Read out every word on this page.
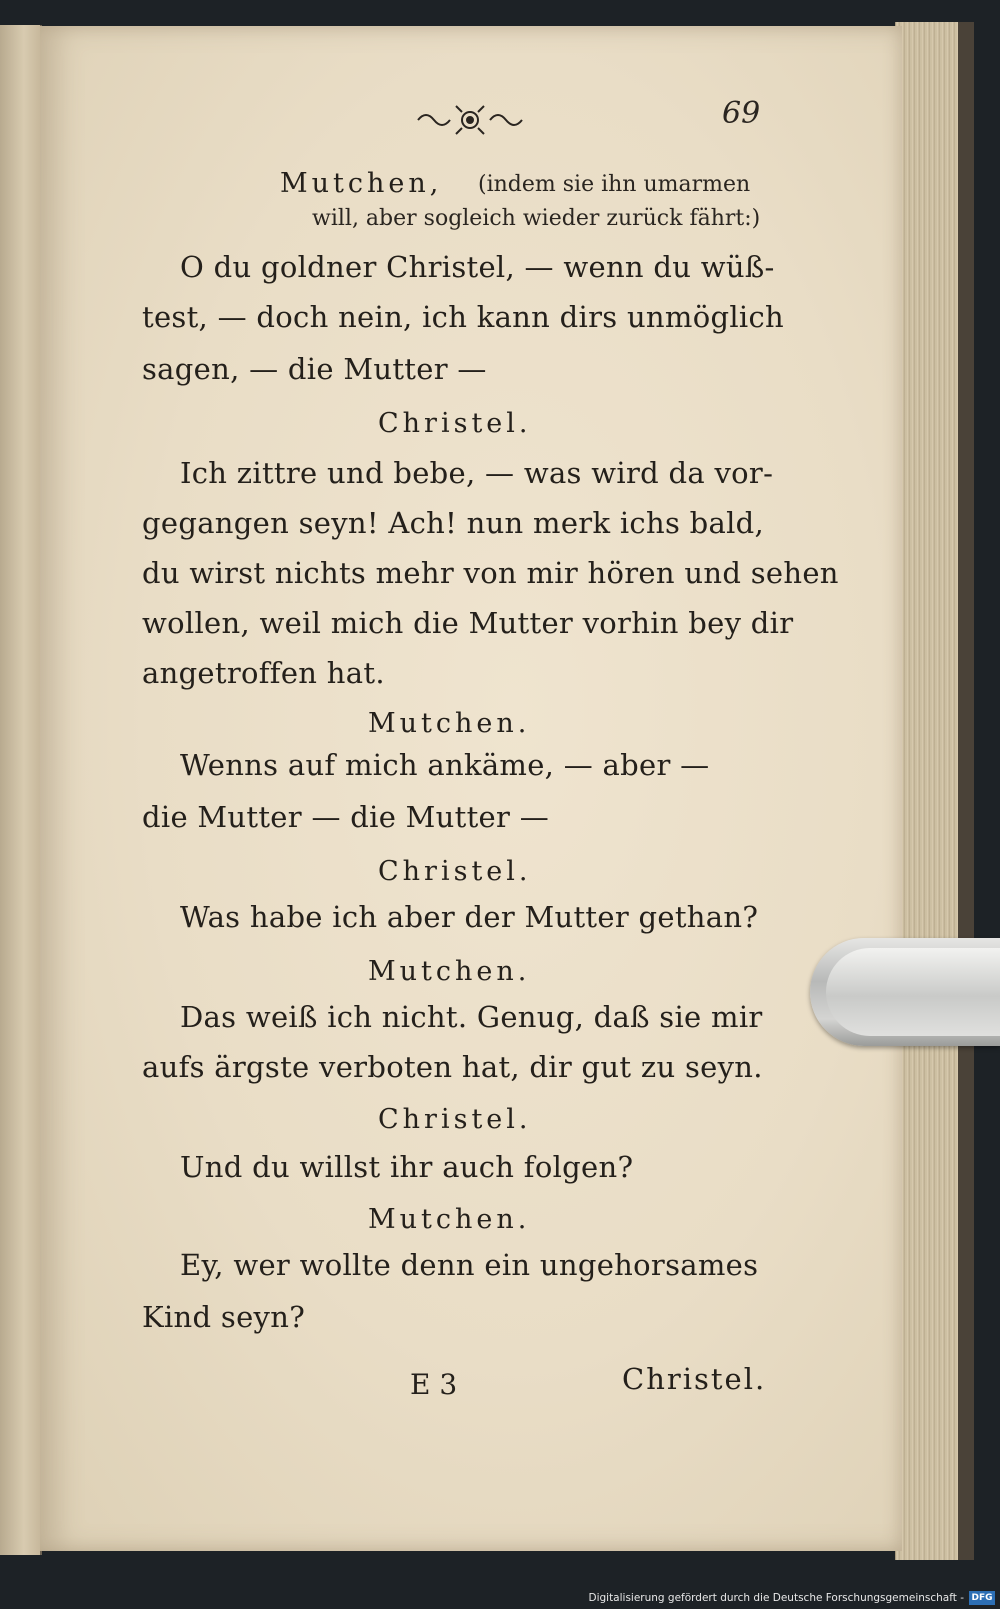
69
Mutchen, (indem sie ihn umarmen
will, aber sogleich wieder zurück fährt:)
O du goldner Christel, — wenn du wüß-
test, — doch nein, ich kann dirs unmöglich
sagen, — die Mutter —
Christel.
Ich zittre und bebe, — was wird da vor-
gegangen seyn! Ach! nun merk ichs bald,
du wirst nichts mehr von mir hören und sehen
wollen, weil mich die Mutter vorhin bey dir
angetroffen hat.
Mutchen.
Wenns auf mich ankäme, — aber —
die Mutter — die Mutter —
Christel.
Was habe ich aber der Mutter gethan?
Mutchen.
Das weiß ich nicht. Genug, daß sie mir
aufs ärgste verboten hat, dir gut zu seyn.
Christel.
Und du willst ihr auch folgen?
Mutchen.
Ey, wer wollte denn ein ungehorsames
Kind seyn?
E 3	Christel.
Digitalisierung gefördert durch die Deutsche Forschungsgemeinschaft - DFG
